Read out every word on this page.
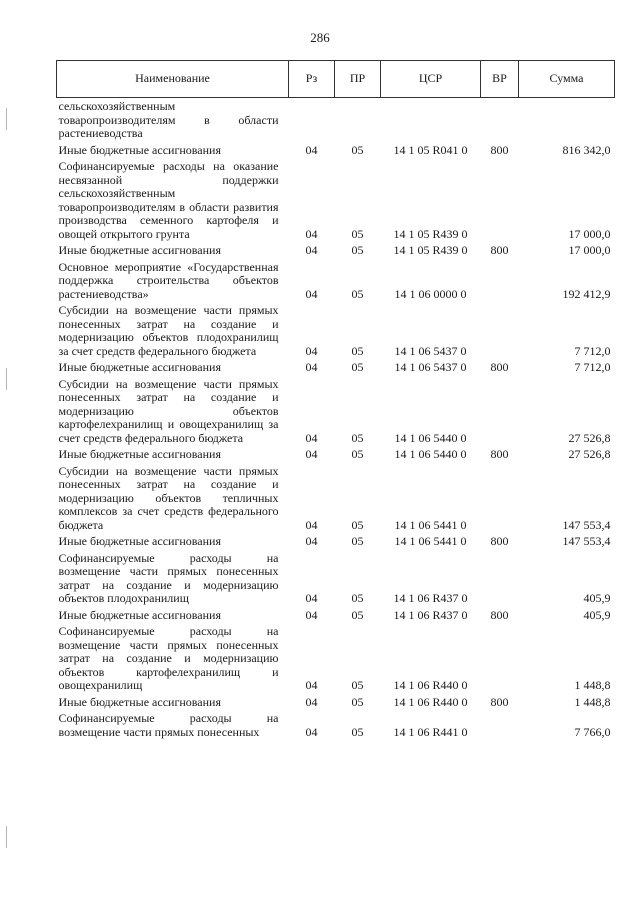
286
Наименование	Рз	ПР	ЦСР	ВР	Сумма
сельскохозяйственным товаропроизводителям в области растениеводства					
Иные бюджетные ассигнования	04	05	14 1 05 R041 0	800	816 342,0
Софинансируемые расходы на оказание несвязанной поддержки сельскохозяйственным товаропроизводителям в области развития производства семенного картофеля и овощей открытого грунта	04	05	14 1 05 R439 0		17 000,0
Иные бюджетные ассигнования	04	05	14 1 05 R439 0	800	17 000,0
Основное мероприятие «Государственная поддержка строительства объектов растениеводства»	04	05	14 1 06 0000 0		192 412,9
Субсидии на возмещение части прямых понесенных затрат на создание и модернизацию объектов плодохранилищ за счет средств федерального бюджета	04	05	14 1 06 5437 0		7 712,0
Иные бюджетные ассигнования	04	05	14 1 06 5437 0	800	7 712,0
Субсидии на возмещение части прямых понесенных затрат на создание и модернизацию объектов картофелехранилищ и овощехранилищ за счет средств федерального бюджета	04	05	14 1 06 5440 0		27 526,8
Иные бюджетные ассигнования	04	05	14 1 06 5440 0	800	27 526,8
Субсидии на возмещение части прямых понесенных затрат на создание и модернизацию объектов тепличных комплексов за счет средств федерального бюджета	04	05	14 1 06 5441 0		147 553,4
Иные бюджетные ассигнования	04	05	14 1 06 5441 0	800	147 553,4
Софинансируемые расходы на возмещение части прямых понесенных затрат на создание и модернизацию объектов плодохранилищ	04	05	14 1 06 R437 0		405,9
Иные бюджетные ассигнования	04	05	14 1 06 R437 0	800	405,9
Софинансируемые расходы на возмещение части прямых понесенных затрат на создание и модернизацию объектов картофелехранилищ и овощехранилищ	04	05	14 1 06 R440 0		1 448,8
Иные бюджетные ассигнования	04	05	14 1 06 R440 0	800	1 448,8
Софинансируемые расходы на возмещение части прямых понесенных	04	05	14 1 06 R441 0		7 766,0
